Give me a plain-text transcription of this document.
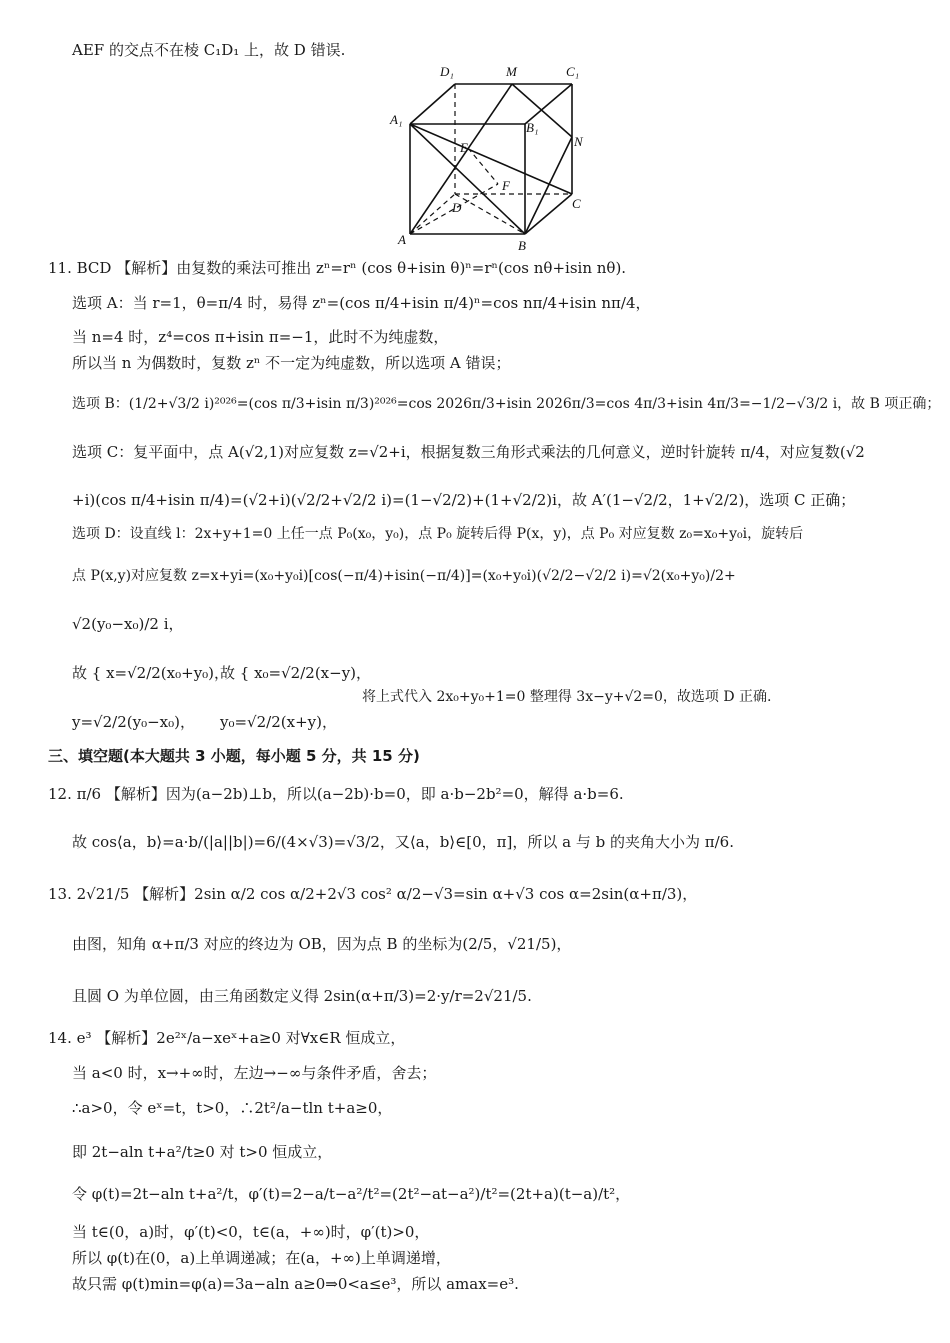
AEF 的交点不在棱 C₁D₁ 上，故 D 错误.
D₁	M	C₁
A₁
B₁
N
E
F
D	C
A	B
11. BCD 【解析】由复数的乘法可推出 zⁿ=rⁿ (cos θ+isin θ)ⁿ=rⁿ(cos nθ+isin nθ).
选项 A：当 r=1，θ=π/4 时，易得 zⁿ=(cos π/4+isin π/4)ⁿ=cos nπ/4+isin nπ/4，
当 n=4 时，z⁴=cos π+isin π=−1，此时不为纯虚数，
所以当 n 为偶数时，复数 zⁿ 不一定为纯虚数，所以选项 A 错误；
选项 B：(1/2+√3/2 i)²⁰²⁶=(cos π/3+isin π/3)²⁰²⁶=cos 2026π/3+isin 2026π/3=cos 4π/3+isin 4π/3=−1/2−√3/2 i，故 B 项正确；
选项 C：复平面中，点 A(√2,1)对应复数 z=√2+i，根据复数三角形式乘法的几何意义，逆时针旋转 π/4，对应复数(√2
+i)(cos π/4+isin π/4)=(√2+i)(√2/2+√2/2 i)=(1−√2/2)+(1+√2/2)i，故 A′(1−√2/2，1+√2/2)，选项 C 正确；
选项 D：设直线 l：2x+y+1=0 上任一点 P₀(x₀，y₀)，点 P₀ 旋转后得 P(x，y)，点 P₀ 对应复数 z₀=x₀+y₀i，旋转后
点 P(x,y)对应复数 z=x+yi=(x₀+y₀i)[cos(−π/4)+isin(−π/4)]=(x₀+y₀i)(√2/2−√2/2 i)=√2(x₀+y₀)/2+
√2(y₀−x₀)/2 i，
故 { x=√2/2(x₀+y₀)，
y=√2/2(y₀−x₀)，
故 { x₀=√2/2(x−y)，
y₀=√2/2(x+y)，
将上式代入 2x₀+y₀+1=0 整理得 3x−y+√2=0，故选项 D 正确.
三、填空题(本大题共 3 小题，每小题 5 分，共 15 分)
12. π/6 【解析】因为(a−2b)⊥b，所以(a−2b)·b=0，即 a·b−2b²=0，解得 a·b=6.
故 cos⟨a，b⟩=a·b/(|a||b|)=6/(4×√3)=√3/2，又⟨a，b⟩∈[0，π]，所以 a 与 b 的夹角大小为 π/6.
13. 2√21/5 【解析】2sin α/2 cos α/2+2√3 cos² α/2−√3=sin α+√3 cos α=2sin(α+π/3)，
由图，知角 α+π/3 对应的终边为 OB，因为点 B 的坐标为(2/5，√21/5)，
且圆 O 为单位圆，由三角函数定义得 2sin(α+π/3)=2·y/r=2√21/5.
14. e³ 【解析】2e²ˣ/a−xeˣ+a≥0 对∀x∈R 恒成立，
当 a<0 时，x→+∞时，左边→−∞与条件矛盾，舍去；
∴a>0，令 eˣ=t，t>0，∴2t²/a−tln t+a≥0，
即 2t−aln t+a²/t≥0 对 t>0 恒成立，
令 φ(t)=2t−aln t+a²/t，φ′(t)=2−a/t−a²/t²=(2t²−at−a²)/t²=(2t+a)(t−a)/t²，
当 t∈(0，a)时，φ′(t)<0，t∈(a，+∞)时，φ′(t)>0，
所以 φ(t)在(0，a)上单调递减；在(a，+∞)上单调递增，
故只需 φ(t)min=φ(a)=3a−aln a≥0⇒0<a≤e³，所以 amax=e³.
